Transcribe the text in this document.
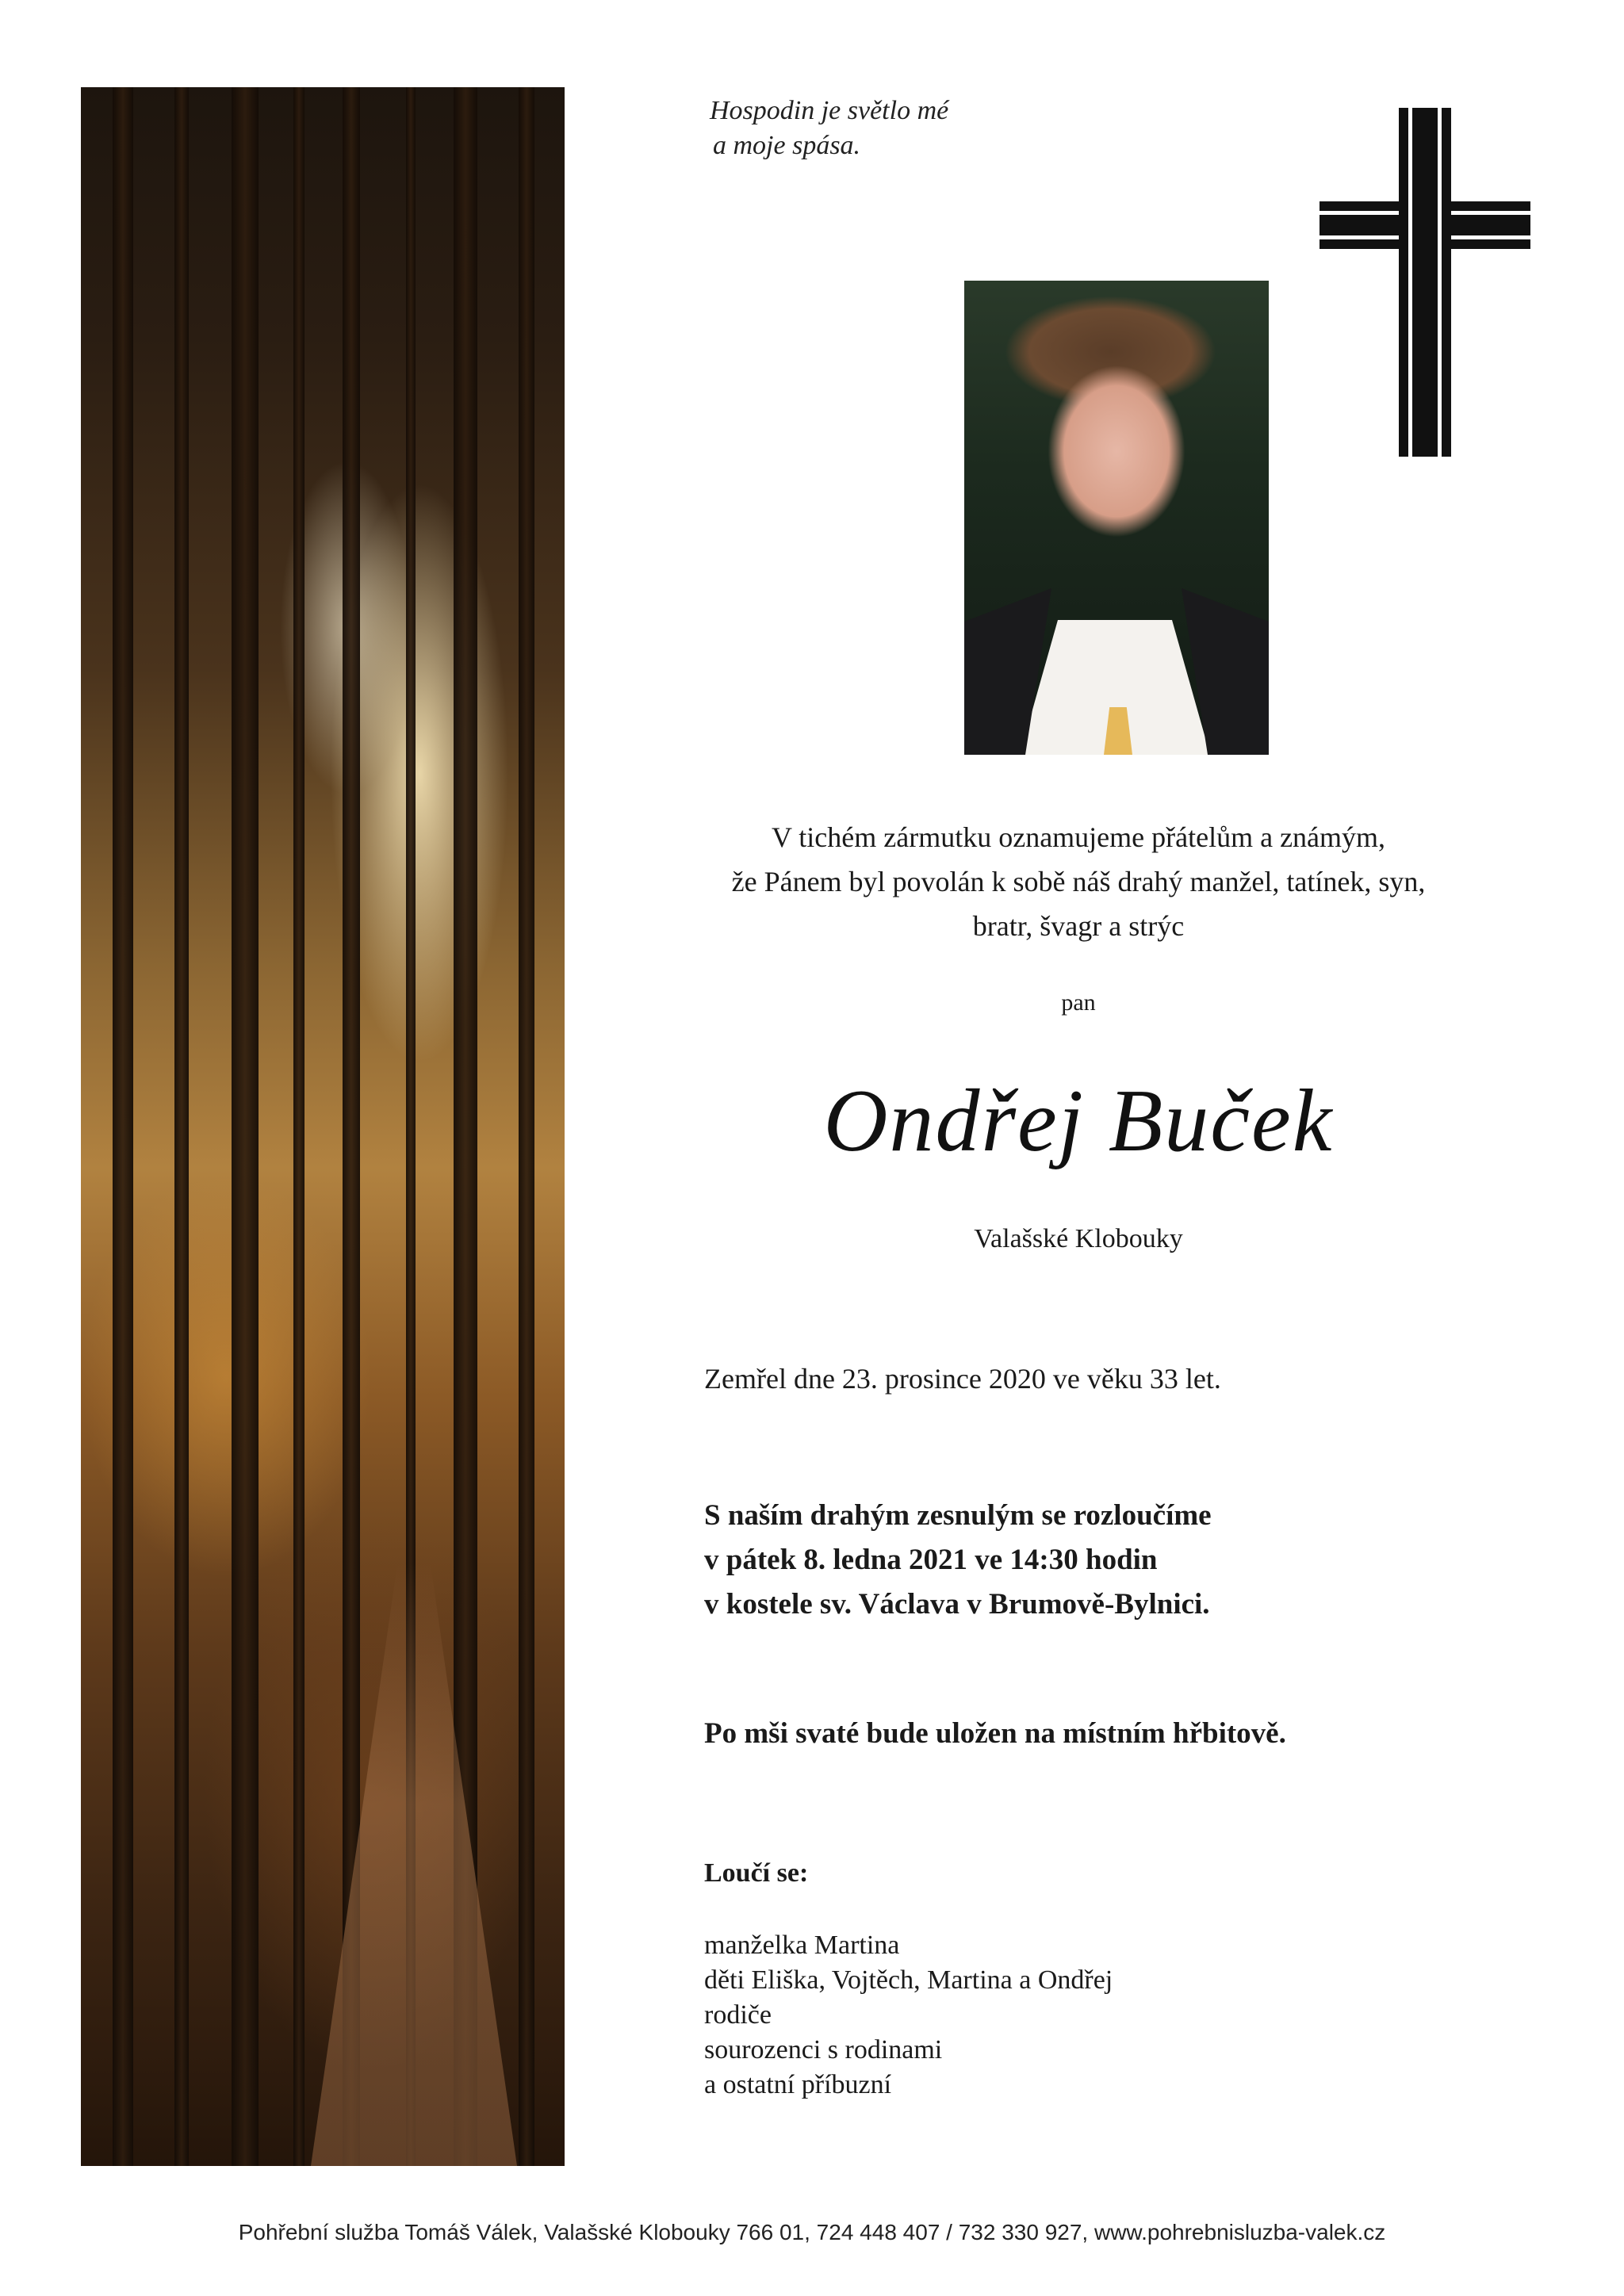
Hospodin je světlo mé
a moje spása.

V tichém zármutku oznamujeme přátelům a známým,

že Pánem byl povolán k sobě náš drahý manžel, tatínek, syn,

bratr, švagr a strýc

pan
Ondřej Buček
Valašské Klobouky
Zemřel dne 23. prosince 2020 ve věku 33 let.

S naším drahým zesnulým se rozloučíme

v pátek 8. ledna 2021 ve 14:30 hodin

v kostele sv. Václava v Brumově-Bylnici.

Po mši svaté bude uložen na místním hřbitově.
Loučí se:

manželka Martina

děti Eliška, Vojtěch, Martina a Ondřej

rodiče

sourozenci s rodinami

a ostatní příbuzní

Pohřební služba Tomáš Válek, Valašské Klobouky 766 01, 724 448 407 / 732 330 927, www.pohrebnisluzba-valek.cz
